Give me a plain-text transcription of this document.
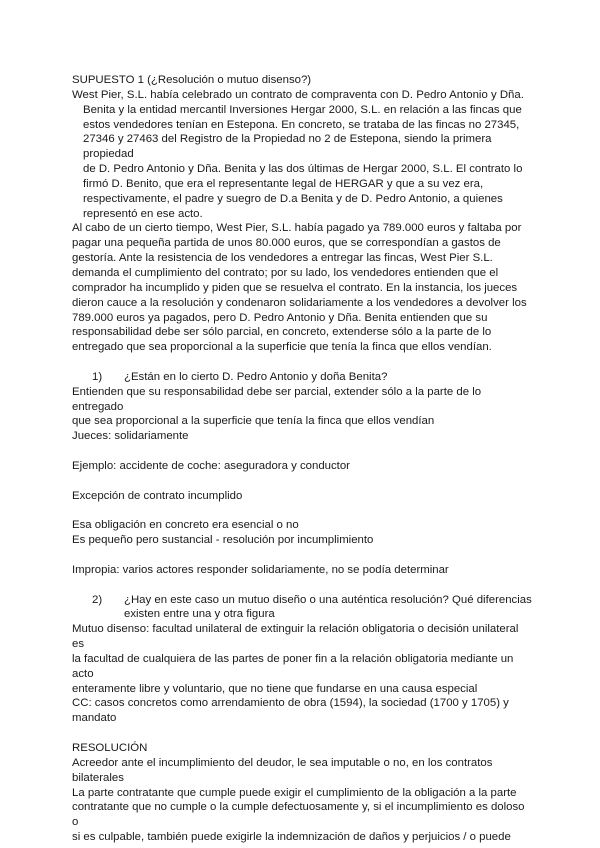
SUPUESTO 1 (¿Resolución o mutuo disenso?)

West Pier, S.L. había celebrado un contrato de compraventa con D. Pedro Antonio y Dña.

Benita y la entidad mercantil Inversiones Hergar 2000, S.L. en relación a las fincas que

estos vendedores tenían en Estepona. En concreto, se trataba de las fincas no 27345,

27346 y 27463 del Registro de la Propiedad no 2 de Estepona, siendo la primera propiedad

de D. Pedro Antonio y Dña. Benita y las dos últimas de Hergar 2000, S.L. El contrato lo

firmó D. Benito, que era el representante legal de HERGAR y que a su vez era,

respectivamente, el padre y suegro de D.a Benita y de D. Pedro Antonio, a quienes

representó en ese acto.

Al cabo de un cierto tiempo, West Pier, S.L. había pagado ya 789.000 euros y faltaba por

pagar una pequeña partida de unos 80.000 euros, que se correspondían a gastos de

gestoría. Ante la resistencia de los vendedores a entregar las fincas, West Pier S.L.

demanda el cumplimiento del contrato; por su lado, los vendedores entienden que el

comprador ha incumplido y piden que se resuelva el contrato. En la instancia, los jueces

dieron cauce a la resolución y condenaron solidariamente a los vendedores a devolver los

789.000 euros ya pagados, pero D. Pedro Antonio y Dña. Benita entienden que su

responsabilidad debe ser sólo parcial, en concreto, extenderse sólo a la parte de lo

entregado que sea proporcional a la superficie que tenía la finca que ellos vendían.

1)	¿Están en lo cierto D. Pedro Antonio y doña Benita?

Entienden que su responsabilidad debe ser parcial, extender sólo a la parte de lo entregado

que sea proporcional a la superficie que tenía la finca que ellos vendían

Jueces: solidariamente

Ejemplo: accidente de coche: aseguradora y conductor

Excepción de contrato incumplido

Esa obligación en concreto era esencial o no

Es pequeño pero sustancial - resolución por incumplimiento

Impropia: varios actores responder solidariamente, no se podía determinar

2)	¿Hay en este caso un mutuo diseño o una auténtica resolución? Qué diferencias
existen entre una y otra figura

Mutuo disenso: facultad unilateral de extinguir la relación obligatoria o decisión unilateral es

la facultad de cualquiera de las partes de poner fin a la relación obligatoria mediante un acto

enteramente libre y voluntario, que no tiene que fundarse en una causa especial

CC: casos concretos como arrendamiento de obra (1594), la sociedad (1700 y 1705) y

mandato

RESOLUCIÓN

Acreedor ante el incumplimiento del deudor, le sea imputable o no, en los contratos

bilaterales

La parte contratante que cumple puede exigir el cumplimiento de la obligación a la parte

contratante que no cumple o la cumple defectuosamente y, si el incumplimiento es doloso o

si es culpable, también puede exigirle la indemnización de daños y perjuicios / o puede
